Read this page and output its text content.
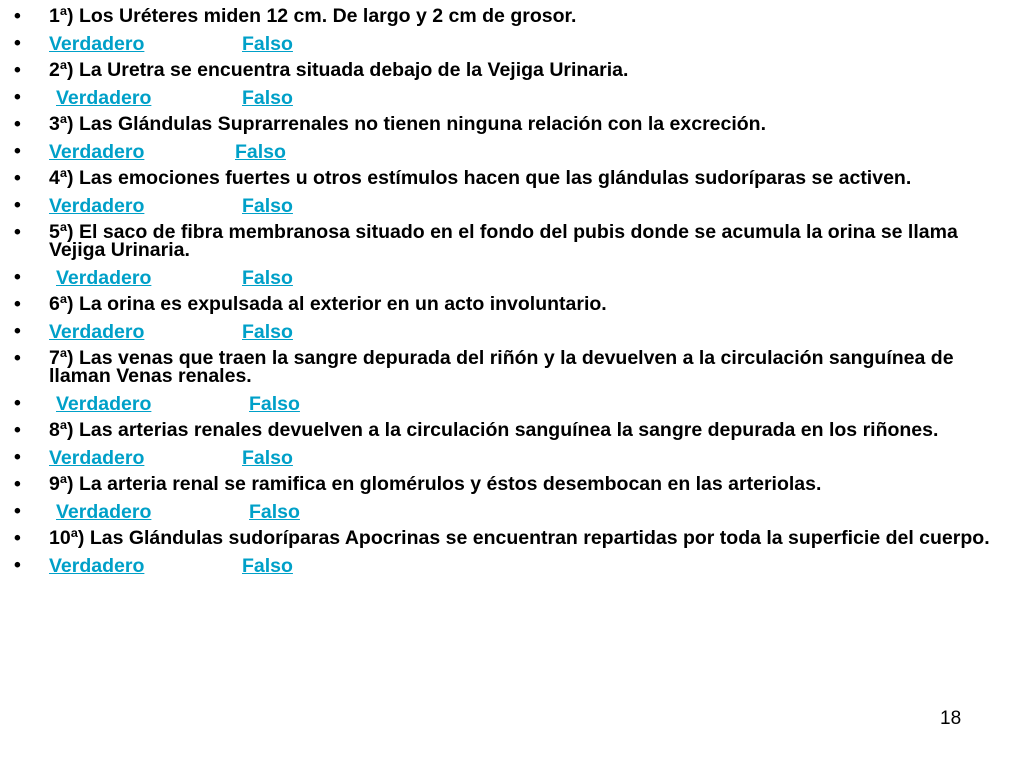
• 1ª) Los Uréteres miden 12 cm. De largo y 2 cm de grosor.
• Verdadero	Falso
• 2ª) La Uretra se encuentra situada debajo de la Vejiga Urinaria.
• Verdadero	Falso
• 3ª) Las Glándulas Suprarrenales no tienen ninguna relación con la excreción.
• Verdadero	Falso
• 4ª) Las emociones fuertes u otros estímulos hacen que las glándulas sudoríparas se activen.
• Verdadero	Falso
• 5ª) El saco de fibra membranosa situado en el fondo del pubis donde se acumula la orina se llama Vejiga Urinaria.
• Verdadero	Falso
• 6ª) La orina es expulsada al exterior en un acto involuntario.
• Verdadero	Falso
• 7ª) Las venas que traen la sangre depurada del riñón y la devuelven a la circulación sanguínea de llaman Venas renales.
• Verdadero	Falso
• 8ª) Las arterias renales devuelven a la circulación sanguínea la sangre depurada en los riñones.
• Verdadero	Falso
• 9ª) La arteria renal se ramifica en glomérulos y éstos desembocan en las arteriolas.
• Verdadero	Falso
• 10ª) Las Glándulas sudoríparas Apocrinas se encuentran repartidas por toda la superficie del cuerpo.
• Verdadero	Falso
18
